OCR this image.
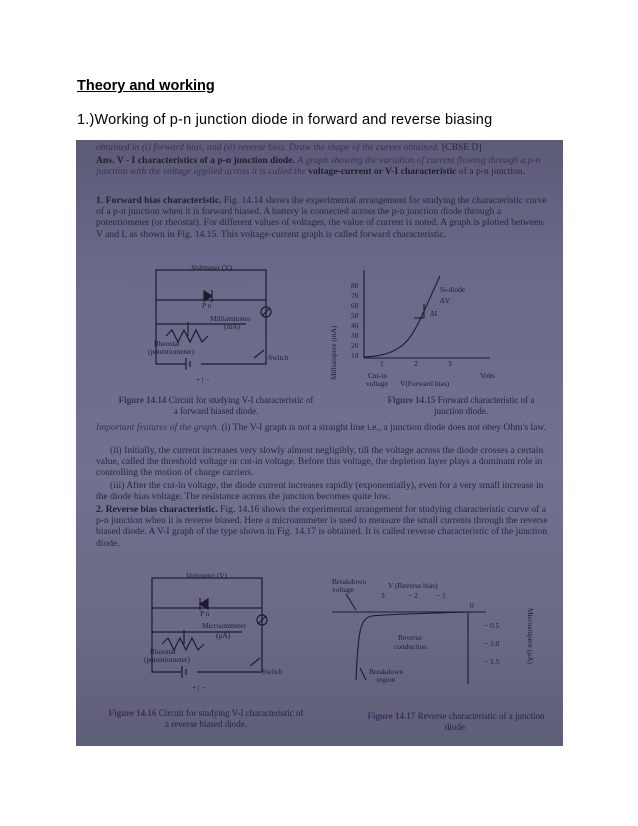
Theory and working
1.)Working of p-n junction diode in forward and reverse biasing
obtained in (i) forward bias, and (ii) reverse bias. Draw the shape of the curves obtained. [CBSE D]
Ans. V - I characteristics of a p-n junction diode. A graph showing the variation of current flowing through a p-n junction with the voltage applied across it is called the voltage-current or V-I characteristic of a p-n junction.
1. Forward bias characteristic. Fig. 14.14 shows the experimental arrangement for studying the characteristic curve of a p-n junction when it is forward biased. A battery is connected across the p-n junction diode through a potentiometer (or rheostat). For different values of voltages, the value of current is noted. A graph is plotted between V and I, as shown in Fig. 14.15. This voltage-current graph is called forward characteristic.
Voltmeter (V)
P n
Milliammeter
(mA)
Rheostat
(potentiometer)
Switch
+ | −
Figure 14.14 Circuit for studying V-I characteristic of a forward biased diode.
Milliampere (mA)
80
70
60
50
40
30
20
10
1	2	3
Si-diode
ΔV
ΔI
Cut-in
voltage V(Forward bias)
Volts
Figure 14.15 Forward characteristic of a junction diode.
Important features of the graph. (i) The V-I graph is not a straight line i.e., a junction diode does not obey Ohm's law.
(ii) Initially, the current increases very slowly almost negligibly, till the voltage across the diode crosses a certain value, called the threshold voltage or cut-in voltage. Before this voltage, the depletion layer plays a dominant role in controlling the motion of charge carriers.
(iii) After the cut-in voltage, the diode current increases rapidly (exponentially), even for a very small increase in the diode bias voltage. The resistance across the junction becomes quite low.
2. Reverse bias characteristic. Fig. 14.16 shows the experimental arrangement for studying characteristic curve of a p-n junction when it is reverse biased. Here a microammeter is used to measure the small currents through the reverse biased diode. A V-I graph of the type shown in Fig. 14.17 is obtained. It is called reverse characteristic of the junction diode.
Voltmeter (V)
P n
Microammeter
(μA)
Rheostat
(potentiometer)
Switch
+ | −
Figure 14.16 Circuit for studying V-I characteristic of a reverse biased diode.
Breakdown voltage	V (Reverse bias)
3	− 2 − 1
0
Microampere (μA)
− 0.5
− 1.0
− 1.5
Reverse
conduction
Breakdown region
Figure 14.17 Reverse characteristic of a junction diode.
